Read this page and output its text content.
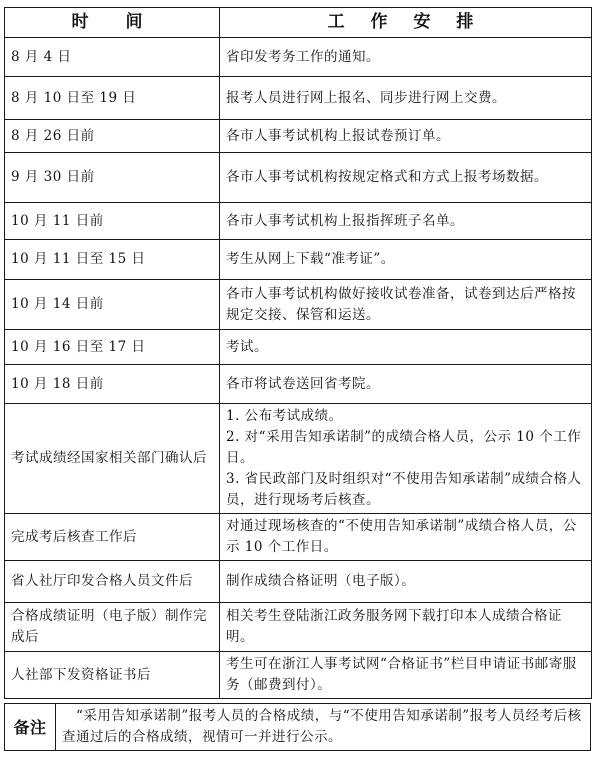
时　间	工 作 安 排
8 月 4 日	省印发考务工作的通知。
8 月 10 日至 19 日	报考人员进行网上报名、同步进行网上交费。
8 月 26 日前	各市人事考试机构上报试卷预订单。
9 月 30 日前	各市人事考试机构按规定格式和方式上报考场数据。
10 月 11 日前	各市人事考试机构上报指挥班子名单。
10 月 11 日至 15 日	考生从网上下载“准考证”。
10 月 14 日前	各市人事考试机构做好接收试卷准备，试卷到达后严格按规定交接、保管和运送。
10 月 16 日至 17 日	考试。
10 月 18 日前	各市将试卷送回省考院。
考试成绩经国家相关部门确认后	1. 公布考试成绩。
2. 对“采用告知承诺制”的成绩合格人员，公示 10 个工作日。
3. 省民政部门及时组织对“不使用告知承诺制”成绩合格人员，进行现场考后核查。

完成考后核查工作后	对通过现场核查的“不使用告知承诺制”成绩合格人员，公示 10 个工作日。
省人社厅印发合格人员文件后	制作成绩合格证明（电子版）。
合格成绩证明（电子版）制作完成后	相关考生登陆浙江政务服务网下载打印本人成绩合格证明。
人社部下发资格证书后	考生可在浙江人事考试网“合格证书”栏目申请证书邮寄服务（邮费到付）。
备注	“采用告知承诺制”报考人员的合格成绩，与“不使用告知承诺制”报考人员经考后核查通过后的合格成绩，视情可一并进行公示。
